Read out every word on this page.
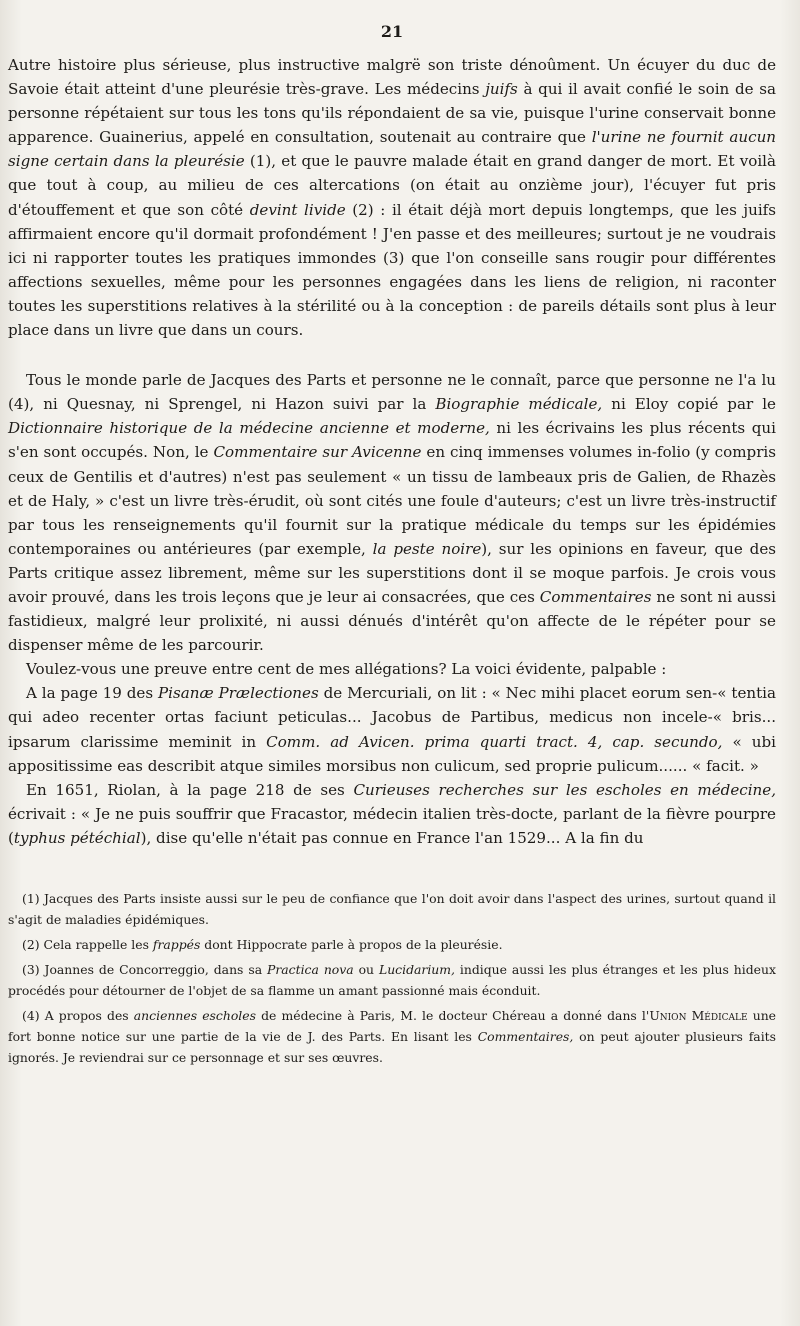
21

Autre histoire plus sérieuse, plus instructive malgrë son triste dénoûment. Un écuyer du duc de Savoie était atteint d'une pleurésie très-grave. Les médecins juifs à qui il avait confié le soin de sa personne répétaient sur tous les tons qu'ils répondaient de sa vie, puisque l'urine conservait bonne apparence. Guainerius, appelé en consultation, soutenait au contraire que l'urine ne fournit aucun signe certain dans la pleurésie (1), et que le pauvre malade était en grand danger de mort. Et voilà que tout à coup, au milieu de ces altercations (on était au onzième jour), l'écuyer fut pris d'étouffement et que son côté devint livide (2) : il était déjà mort depuis longtemps, que les juifs affirmaient encore qu'il dormait profondément ! J'en passe et des meilleures; surtout je ne voudrais ici ni rapporter toutes les pratiques immondes (3) que l'on conseille sans rougir pour différentes affections sexuelles, même pour les personnes engagées dans les liens de religion, ni raconter toutes les superstitions relatives à la stérilité ou à la conception : de pareils détails sont plus à leur place dans un livre que dans un cours.

Tous le monde parle de Jacques des Parts et personne ne le connaît, parce que personne ne l'a lu (4), ni Quesnay, ni Sprengel, ni Hazon suivi par la Biographie médicale, ni Eloy copié par le Dictionnaire historique de la médecine ancienne et moderne, ni les écrivains les plus récents qui s'en sont occupés. Non, le Commentaire sur Avicenne en cinq immenses volumes in-folio (y compris ceux de Gentilis et d'autres) n'est pas seulement « un tissu de lambeaux pris de Galien, de Rhazès et de Haly, » c'est un livre très-érudit, où sont cités une foule d'auteurs; c'est un livre très-instructif par tous les renseignements qu'il fournit sur la pratique médicale du temps sur les épidémies contemporaines ou antérieures (par exemple, la peste noire), sur les opinions en faveur, que des Parts critique assez librement, même sur les superstitions dont il se moque parfois. Je crois vous avoir prouvé, dans les trois leçons que je leur ai consacrées, que ces Commentaires ne sont ni aussi fastidieux, malgré leur prolixité, ni aussi dénués d'intérêt qu'on affecte de le répéter pour se dispenser même de les parcourir.

Voulez-vous une preuve entre cent de mes allégations? La voici évidente, palpable :

A la page 19 des Pisanæ Prælectiones de Mercuriali, on lit : « Nec mihi placet eorum sen-« tentia qui adeo recenter ortas faciunt peticulas... Jacobus de Partibus, medicus non incele-« bris... ipsarum clarissime meminit in Comm. ad Avicen. prima quarti tract. 4, cap. secundo, « ubi appositissime eas describit atque similes morsibus non culicum, sed proprie pulicum...... « facit. »

En 1651, Riolan, à la page 218 de ses Curieuses recherches sur les escholes en médecine, écrivait : « Je ne puis souffrir que Fracastor, médecin italien très-docte, parlant de la fièvre pourpre (typhus pétéchial), dise qu'elle n'était pas connue en France l'an 1529... A la fin du

(1) Jacques des Parts insiste aussi sur le peu de confiance que l'on doit avoir dans l'aspect des urines, surtout quand il s'agit de maladies épidémiques.

(2) Cela rappelle les frappés dont Hippocrate parle à propos de la pleurésie.

(3) Joannes de Concorreggio, dans sa Practica nova ou Lucidarium, indique aussi les plus étranges et les plus hideux procédés pour détourner de l'objet de sa flamme un amant passionné mais éconduit.

(4) A propos des anciennes escholes de médecine à Paris, M. le docteur Chéreau a donné dans l'Union Médicale une fort bonne notice sur une partie de la vie de J. des Parts. En lisant les Commentaires, on peut ajouter plusieurs faits ignorés. Je reviendrai sur ce personnage et sur ses œuvres.
